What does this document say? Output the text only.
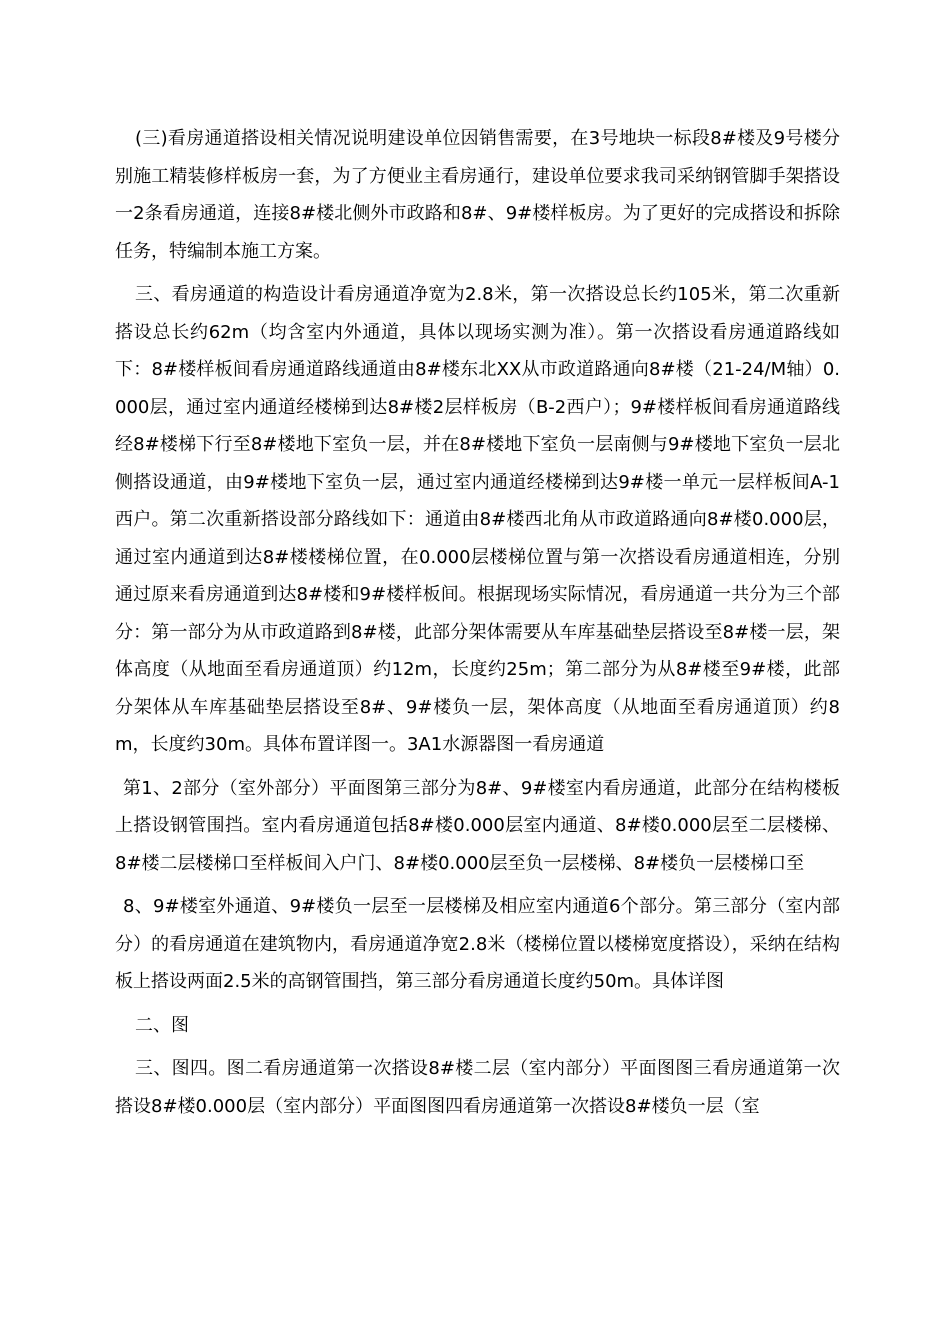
(三)看房通道搭设相关情况说明建设单位因销售需要，在3号地块一标段8#楼及9号楼分别施工精装修样板房一套，为了方便业主看房通行，建设单位要求我司采纳钢管脚手架搭设一2条看房通道，连接8#楼北侧外市政路和8#、9#楼样板房。为了更好的完成搭设和拆除任务，特编制本施工方案。

三、看房通道的构造设计看房通道净宽为2.8米，第一次搭设总长约105米，第二次重新搭设总长约62m（均含室内外通道，具体以现场实测为准）。第一次搭设看房通道路线如下：8#楼样板间看房通道路线通道由8#楼东北XX从市政道路通向8#楼（21-24/M轴）0.000层，通过室内通道经楼梯到达8#楼2层样板房（B-2西户）；9#楼样板间看房通道路线经8#楼梯下行至8#楼地下室负一层，并在8#楼地下室负一层南侧与9#楼地下室负一层北侧搭设通道，由9#楼地下室负一层，通过室内通道经楼梯到达9#楼一单元一层样板间A-1西户。第二次重新搭设部分路线如下：通道由8#楼西北角从市政道路通向8#楼0.000层，通过室内通道到达8#楼楼梯位置，在0.000层楼梯位置与第一次搭设看房通道相连，分别通过原来看房通道到达8#楼和9#楼样板间。根据现场实际情况，看房通道一共分为三个部分：第一部分为从市政道路到8#楼，此部分架体需要从车库基础垫层搭设至8#楼一层，架体高度（从地面至看房通道顶）约12m，长度约25m；第二部分为从8#楼至9#楼，此部分架体从车库基础垫层搭设至8#、9#楼负一层，架体高度（从地面至看房通道顶）约8m，长度约30m。具体布置详图一。3A1水源器图一看房通道

第1、2部分（室外部分）平面图第三部分为8#、9#楼室内看房通道，此部分在结构楼板上搭设钢管围挡。室内看房通道包括8#楼0.000层室内通道、8#楼0.000层至二层楼梯、8#楼二层楼梯口至样板间入户门、8#楼0.000层至负一层楼梯、8#楼负一层楼梯口至

8、9#楼室外通道、9#楼负一层至一层楼梯及相应室内通道6个部分。第三部分（室内部分）的看房通道在建筑物内，看房通道净宽2.8米（楼梯位置以楼梯宽度搭设），采纳在结构板上搭设两面2.5米的高钢管围挡，第三部分看房通道长度约50m。具体详图

二、图

三、图四。图二看房通道第一次搭设8#楼二层（室内部分）平面图图三看房通道第一次搭设8#楼0.000层（室内部分）平面图图四看房通道第一次搭设8#楼负一层（室
